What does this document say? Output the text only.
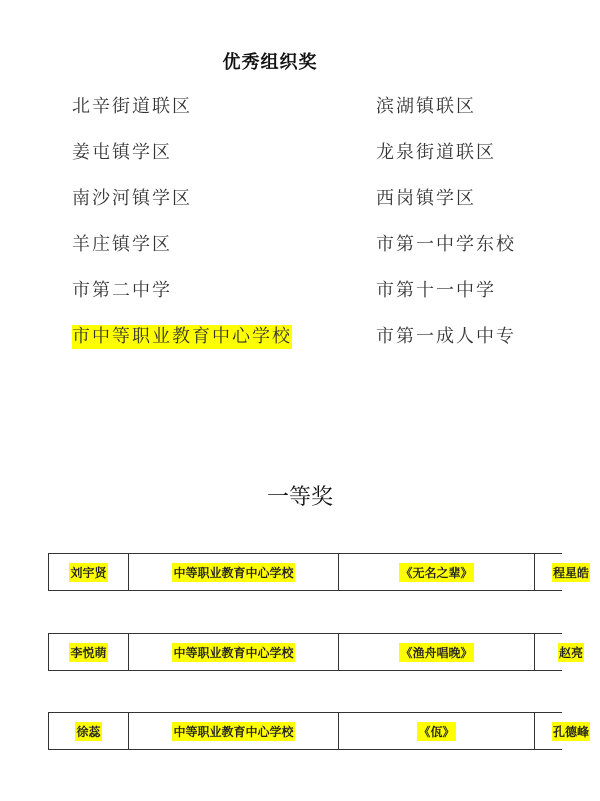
优秀组织奖
北辛街道联区
姜屯镇学区
南沙河镇学区
羊庄镇学区
市第二中学
市中等职业教育中心学校
滨湖镇联区
龙泉街道联区
西岗镇学区
市第一中学东校
市第十一中学
市第一成人中专
一等奖
刘宇贤	中等职业教育中心学校	《无名之辈》	程星皓
李悦萌	中等职业教育中心学校	《渔舟唱晚》	赵亮
徐蕊	中等职业教育中心学校	《佤》	孔德峰
